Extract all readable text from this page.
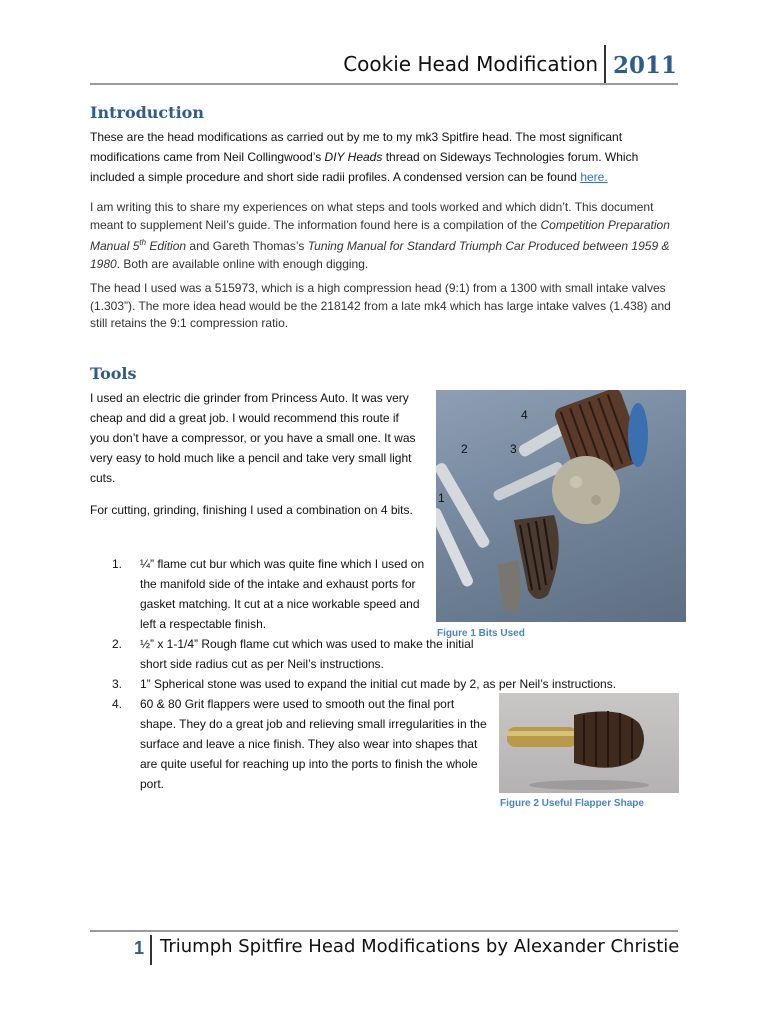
Cookie Head Modification 2011
Introduction

These are the head modifications as carried out by me to my mk3 Spitfire head. The most significant modifications came from Neil Collingwood’s DIY Heads thread on Sideways Technologies forum. Which included a simple procedure and short side radii profiles. A condensed version can be found here.

I am writing this to share my experiences on what steps and tools worked and which didn’t. This document meant to supplement Neil’s guide. The information found here is a compilation of the Competition Preparation Manual 5th Edition and Gareth Thomas’s Tuning Manual for Standard Triumph Car Produced between 1959 & 1980. Both are available online with enough digging.

The head I used was a 515973, which is a high compression head (9:1) from a 1300 with small intake valves (1.303”). The more idea head would be the 218142 from a late mk4 which has large intake valves (1.438) and still retains the 9:1 compression ratio.

Tools

I used an electric die grinder from Princess Auto. It was very cheap and did a great job. I would recommend this route if you don’t have a compressor, or you have a small one. It was very easy to hold much like a pencil and take very small light cuts.

For cutting, grinding, finishing I used a combination on 4 bits.

1
2	3
4
Figure 1 Bits Used
1. ¼” flame cut bur which was quite fine which I used on the manifold side of the intake and exhaust ports for gasket matching. It cut at a nice workable speed and left a respectable finish.
2. ½” x 1-1/4” Rough flame cut which was used to make the initial short side radius cut as per Neil’s instructions.
3. 1” Spherical stone was used to expand the initial cut made by 2, as per Neil’s instructions.
4. 60 & 80 Grit flappers were used to smooth out the final port shape. They do a great job and relieving small irregularities in the surface and leave a nice finish. They also wear into shapes that are quite useful for reaching up into the ports to finish the whole port.
Figure 2 Useful Flapper Shape
1 Triumph Spitfire Head Modifications by Alexander Christie
